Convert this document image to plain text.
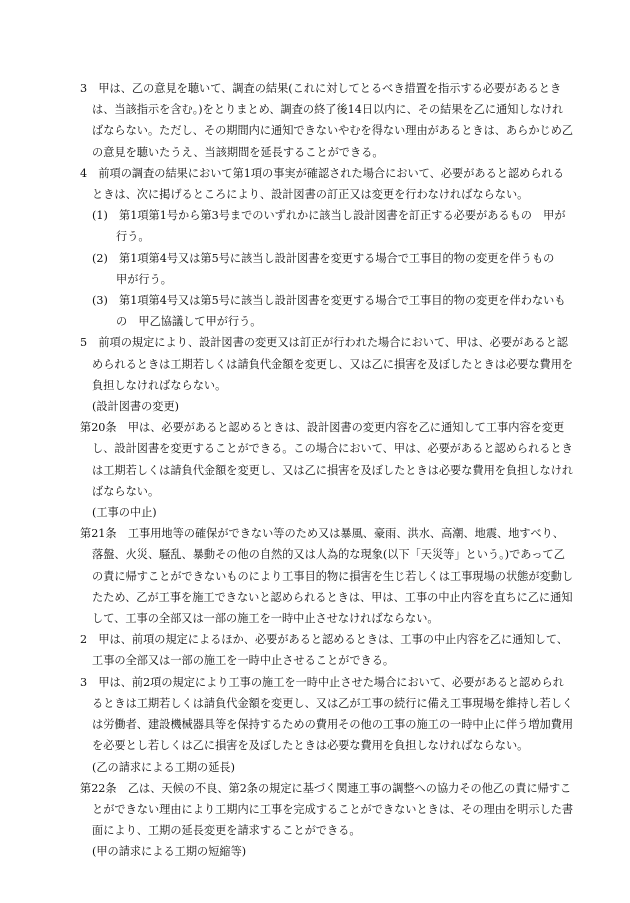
3　甲は、乙の意見を聴いて、調査の結果(これに対してとるべき措置を指示する必要があるときは、当該指示を含む。)をとりまとめ、調査の終了後14日以内に、その結果を乙に通知しなければならない。ただし、その期間内に通知できないやむを得ない理由があるときは、あらかじめ乙の意見を聴いたうえ、当該期間を延長することができる。

4　前項の調査の結果において第1項の事実が確認された場合において、必要があると認められるときは、次に掲げるところにより、設計図書の訂正又は変更を行わなければならない。

(1)　第1項第1号から第3号までのいずれかに該当し設計図書を訂正する必要があるもの　甲が行う。

(2)　第1項第4号又は第5号に該当し設計図書を変更する場合で工事目的物の変更を伴うもの　甲が行う。

(3)　第1項第4号又は第5号に該当し設計図書を変更する場合で工事目的物の変更を伴わないもの　甲乙協議して甲が行う。

5　前項の規定により、設計図書の変更又は訂正が行われた場合において、甲は、必要があると認められるときは工期若しくは請負代金額を変更し、又は乙に損害を及ぼしたときは必要な費用を負担しなければならない。

(設計図書の変更)

第20条　甲は、必要があると認めるときは、設計図書の変更内容を乙に通知して工事内容を変更し、設計図書を変更することができる。この場合において、甲は、必要があると認められるときは工期若しくは請負代金額を変更し、又は乙に損害を及ぼしたときは必要な費用を負担しなければならない。

(工事の中止)

第21条　工事用地等の確保ができない等のため又は暴風、豪雨、洪水、高潮、地震、地すべり、落盤、火災、騒乱、暴動その他の自然的又は人為的な現象(以下「天災等」という。)であって乙の責に帰すことができないものにより工事目的物に損害を生じ若しくは工事現場の状態が変動したため、乙が工事を施工できないと認められるときは、甲は、工事の中止内容を直ちに乙に通知して、工事の全部又は一部の施工を一時中止させなければならない。

2　甲は、前項の規定によるほか、必要があると認めるときは、工事の中止内容を乙に通知して、工事の全部又は一部の施工を一時中止させることができる。

3　甲は、前2項の規定により工事の施工を一時中止させた場合において、必要があると認められるときは工期若しくは請負代金額を変更し、又は乙が工事の続行に備え工事現場を維持し若しくは労働者、建設機械器具等を保持するための費用その他の工事の施工の一時中止に伴う増加費用を必要とし若しくは乙に損害を及ぼしたときは必要な費用を負担しなければならない。

(乙の請求による工期の延長)

第22条　乙は、天候の不良、第2条の規定に基づく関連工事の調整への協力その他乙の責に帰すことができない理由により工期内に工事を完成することができないときは、その理由を明示した書面により、工期の延長変更を請求することができる。

(甲の請求による工期の短縮等)
